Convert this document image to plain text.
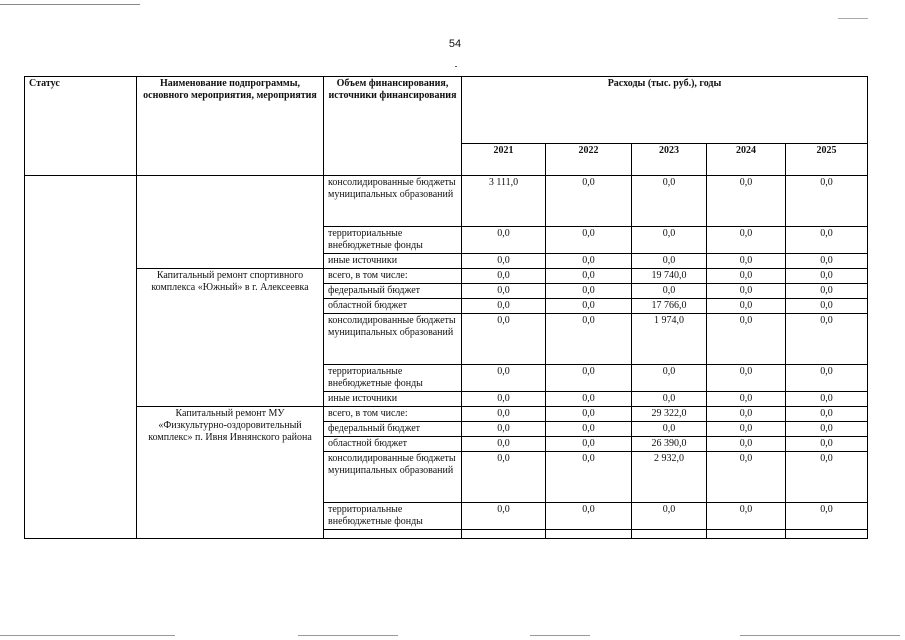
54
Статус	Наименование подпрограммы, основного мероприятия, мероприятия	Объем финансирования, источники финансирования	Расходы (тыс. руб.), годы					
			2021	2022	2023	2024	2025	
		консолидированные бюджеты муниципальных образований	3 111,0	0,0	0,0	0,0	0,0	
		территориальные внебюджетные фонды	0,0	0,0	0,0	0,0	0,0	
		иные источники	0,0	0,0	0,0	0,0	0,0	
	Капитальный ремонт спортивного комплекса «Южный» в г. Алексеевка	всего, в том числе:	0,0	0,0	19 740,0	0,0	0,0	
		федеральный бюджет	0,0	0,0	0,0	0,0	0,0	
		областной бюджет	0,0	0,0	17 766,0	0,0	0,0	
		консолидированные бюджеты муниципальных образований	0,0	0,0	1 974,0	0,0	0,0	
		территориальные внебюджетные фонды	0,0	0,0	0,0	0,0	0,0	
		иные источники	0,0	0,0	0,0	0,0	0,0	
	Капитальный ремонт МУ «Физкультурно-оздоровительный комплекс» п. Ивня Ивнянского района	всего, в том числе:	0,0	0,0	29 322,0	0,0	0,0	
		федеральный бюджет	0,0	0,0	0,0	0,0	0,0	
		областной бюджет	0,0	0,0	26 390,0	0,0	0,0	
		консолидированные бюджеты муниципальных образований	0,0	0,0	2 932,0	0,0	0,0	
		территориальные внебюджетные фонды	0,0	0,0	0,0	0,0	0,0	
